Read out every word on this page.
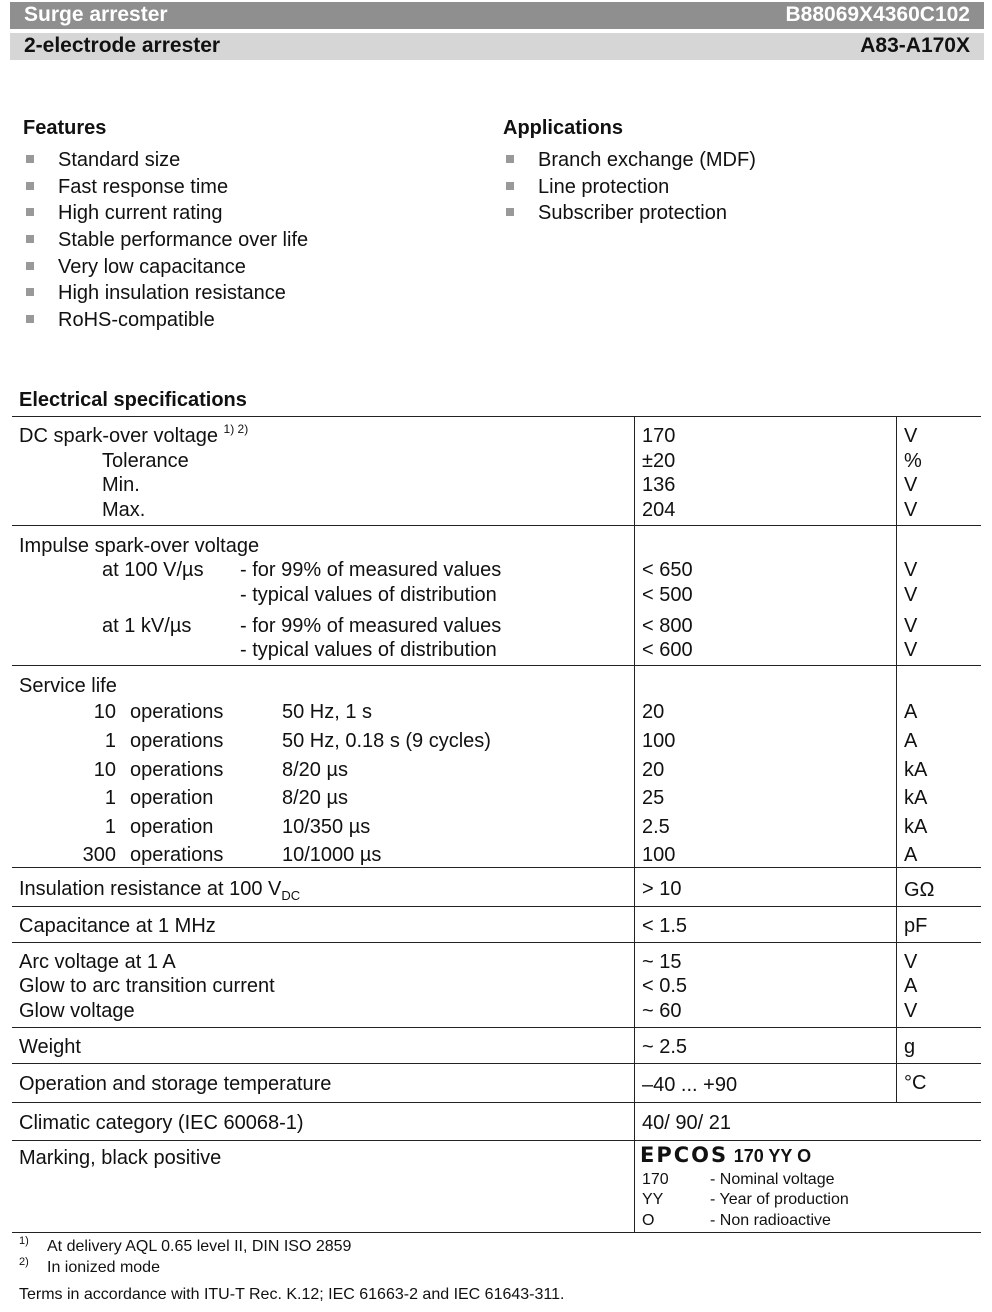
Surge arrester	B88069X4360C102
2-electrode arrester	A83-A170X
Features
Standard size
Fast response time
High current rating
Stable performance over life
Very low capacitance
High insulation resistance
RoHS-compatible
Applications
Branch exchange (MDF)
Line protection
Subscriber protection
Electrical specifications
DC spark-over voltage $^{1) 2)}$	170	V
Tolerance	±20	%
Min.	136	V
Max.	204	V
Impulse spark-over voltage
at 100 V/µs - for 99% of measured values	< 650	V
- typical values of distribution	< 500	V
at 1 kV/µs - for 99% of measured values	< 800	V
- typical values of distribution	< 600	V
Service life
10 operations	50 Hz, 1 s	20	A
1 operations	50 Hz, 0.18 s (9 cycles)	100	A
10 operations	8/20 µs	20	kA
1 operation	8/20 µs	25	kA
1 operation	10/350 µs	2.5	kA
300 operations	10/1000 µs	100	A
Insulation resistance at 100 $V_{DC}$	> 10	GΩ
Capacitance at 1 MHz	< 1.5	pF
Arc voltage at 1 A	~ 15	V
Glow to arc transition current	< 0.5	A
Glow voltage	~ 60	V
Weight	~ 2.5	g
Operation and storage temperature	–40 ... +90	°C
Climatic category (IEC 60068-1)	40/ 90/ 21
Marking, black positive	EPCOS 170 YY O
170	- Nominal voltage
YY	- Year of production
O	- Non radioactive
1) At delivery AQL 0.65 level II, DIN ISO 2859
2) In ionized mode
Terms in accordance with ITU-T Rec. K.12; IEC 61663-2 and IEC 61643-311.
